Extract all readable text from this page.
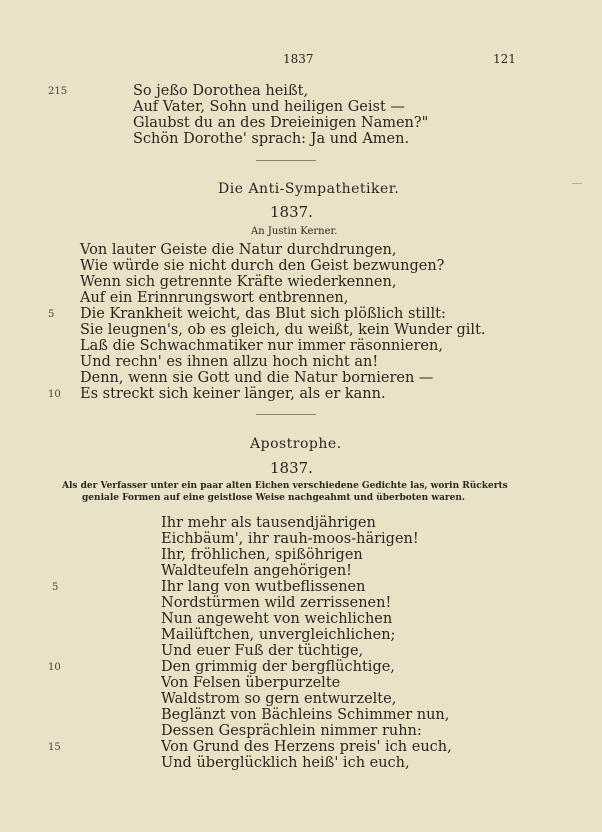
1837	121
215	So jeßo Dorothea heißt,
Auf Vater, Sohn und heiligen Geist —
Glaubst du an des Dreieinigen Namen?"
Schön Dorothe' sprach: Ja und Amen.
Die Anti-Sympathetiker.
1837.
An Justin Kerner.
Von lauter Geiste die Natur durchdrungen,
Wie würde sie nicht durch den Geist bezwungen?
Wenn sich getrennte Kräfte wiederkennen,
Auf ein Erinnrungswort entbrennen,
5 Die Krankheit weicht, das Blut sich plößlich stillt:
Sie leugnen's, ob es gleich, du weißt, kein Wunder gilt.
Laß die Schwachmatiker nur immer räsonnieren,
Und rechn' es ihnen allzu hoch nicht an!
Denn, wenn sie Gott und die Natur bornieren —
10 Es streckt sich keiner länger, als er kann.
Apostrophe.
1837.
Als der Verfasser unter ein paar alten Eichen verschiedene Gedichte las, worin Rückerts
geniale Formen auf eine geistlose Weise nachgeahmt und überboten waren.
Ihr mehr als tausendjährigen
Eichbäum', ihr rauh-moos-härigen!
Ihr, fröhlichen, spißöhrigen
Waldteufeln angehörigen!
5	Ihr lang von wutbeflissenen
Nordstürmen wild zerrissenen!
Nun angeweht von weichlichen
Mailüftchen, unvergleichlichen;
Und euer Fuß der tüchtige,
10	Den grimmig der bergflüchtige,
Von Felsen überpurzelte
Waldstrom so gern entwurzelte,
Beglänzt von Bächleins Schimmer nun,
Dessen Gesprächlein nimmer ruhn:
15	Von Grund des Herzens preis' ich euch,
Und überglücklich heiß' ich euch,
